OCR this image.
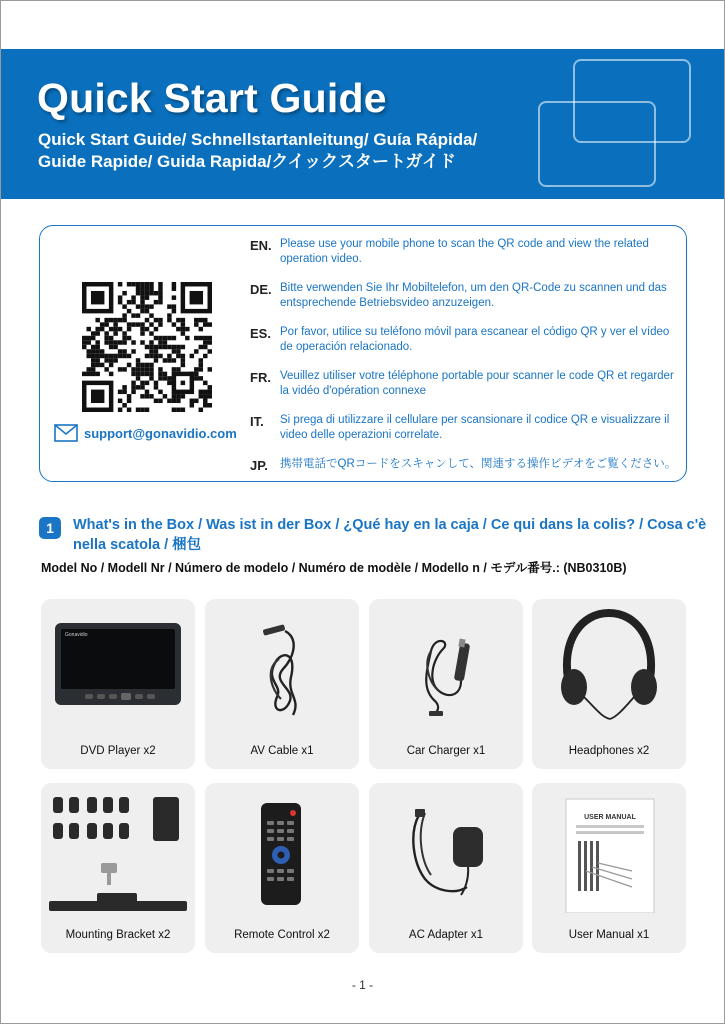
Quick Start Guide
Quick Start Guide/ Schnellstartanleitung/ Guía Rápida/
Guide Rapide/ Guida Rapida/クイックスタートガイド
support@gonavidio.com
EN. Please use your mobile phone to scan the QR code and view the related operation video.
DE. Bitte verwenden Sie Ihr Mobiltelefon, um den QR-Code zu scannen und das entsprechende Betriebsvideo anzuzeigen.
ES. Por favor, utilice su teléfono móvil para escanear el código QR y ver el vídeo de operación relacionado.
FR. Veuillez utiliser votre téléphone portable pour scanner le code QR et regarder la vidéo d'opération connexe
IT. Si prega di utilizzare il cellulare per scansionare il codice QR e visualizzare il video delle operazioni correlate.
JP. 携帯電話でQRコードをスキャンして、関連する操作ビデオをご覧ください。
1	What's in the Box / Was ist in der Box / ¿Qué hay en la caja / Ce qui dans la colis? / Cosa c'è nella scatola / 梱包
Model No / Modell Nr / Número de modelo / Numéro de modèle / Modello n / モデル番号.: (NB0310B)
Gonavidio
DVD Player x2	AV Cable x1	Car Charger x1	Headphones x2
Mounting Bracket x2	Remote Control x2	AC Adapter x1
USER MANUAL
User Manual x1
- 1 -
